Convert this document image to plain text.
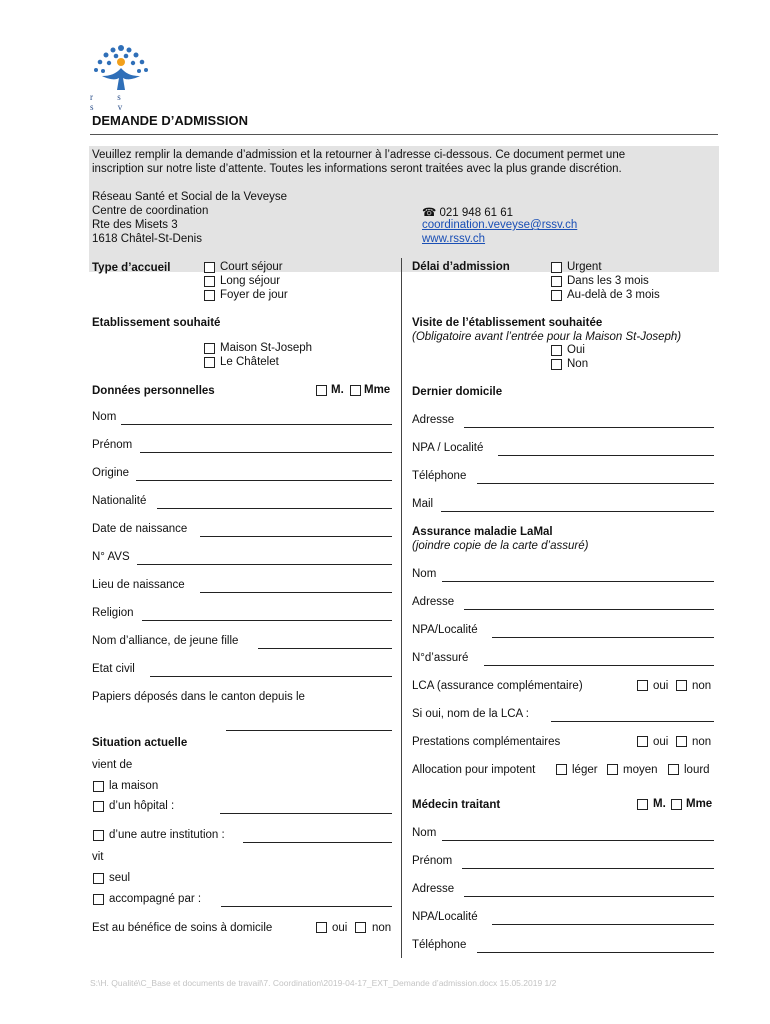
r s s v
DEMANDE D’ADMISSION
Veuillez remplir la demande d’admission et la retourner à l’adresse ci-dessous. Ce document permet une
inscription sur notre liste d’attente. Toutes les informations seront traitées avec la plus grande discrétion.
Réseau Santé et Social de la Veveyse
Centre de coordination
Rte des Misets 3
1618 Châtel-St-Denis
☎ 021 948 61 61
coordination.veveyse@rssv.ch
www.rssv.ch
Type d’accueil	Court séjour
Long séjour
Foyer de jour
Etablissement souhaité
Maison St-Joseph
Le Châtelet
Données personnelles	M. Mme
Nom
Prénom
Origine
Nationalité
Date de naissance
N° AVS
Lieu de naissance
Religion
Nom d’alliance, de jeune fille
Etat civil
Papiers déposés dans le canton depuis le
Situation actuelle
vient de
la maison
d’un hôpital :
d’une autre institution :
vit
seul
accompagné par :
Est au bénéfice de soins à domicile	oui non
Délai d’admission	Urgent
Dans les 3 mois
Au-delà de 3 mois
Visite de l’établissement souhaitée
(Obligatoire avant l’entrée pour la Maison St-Joseph)
Oui
Non
Dernier domicile
Adresse
NPA / Localité
Téléphone
Mail
Assurance maladie LaMal
(joindre copie de la carte d’assuré)
Nom
Adresse
NPA/Localité
N°d’assuré
LCA (assurance complémentaire)	oui non
Si oui, nom de la LCA :
Prestations complémentaires	oui non
Allocation pour impotent	léger moyen lourd
Médecin traitant	M. Mme
Nom
Prénom
Adresse
NPA/Localité
Téléphone
S:\H. Qualité\C_Base et documents de travail\7. Coordination\2019-04-17_EXT_Demande d’admission.docx 15.05.2019 1/2
